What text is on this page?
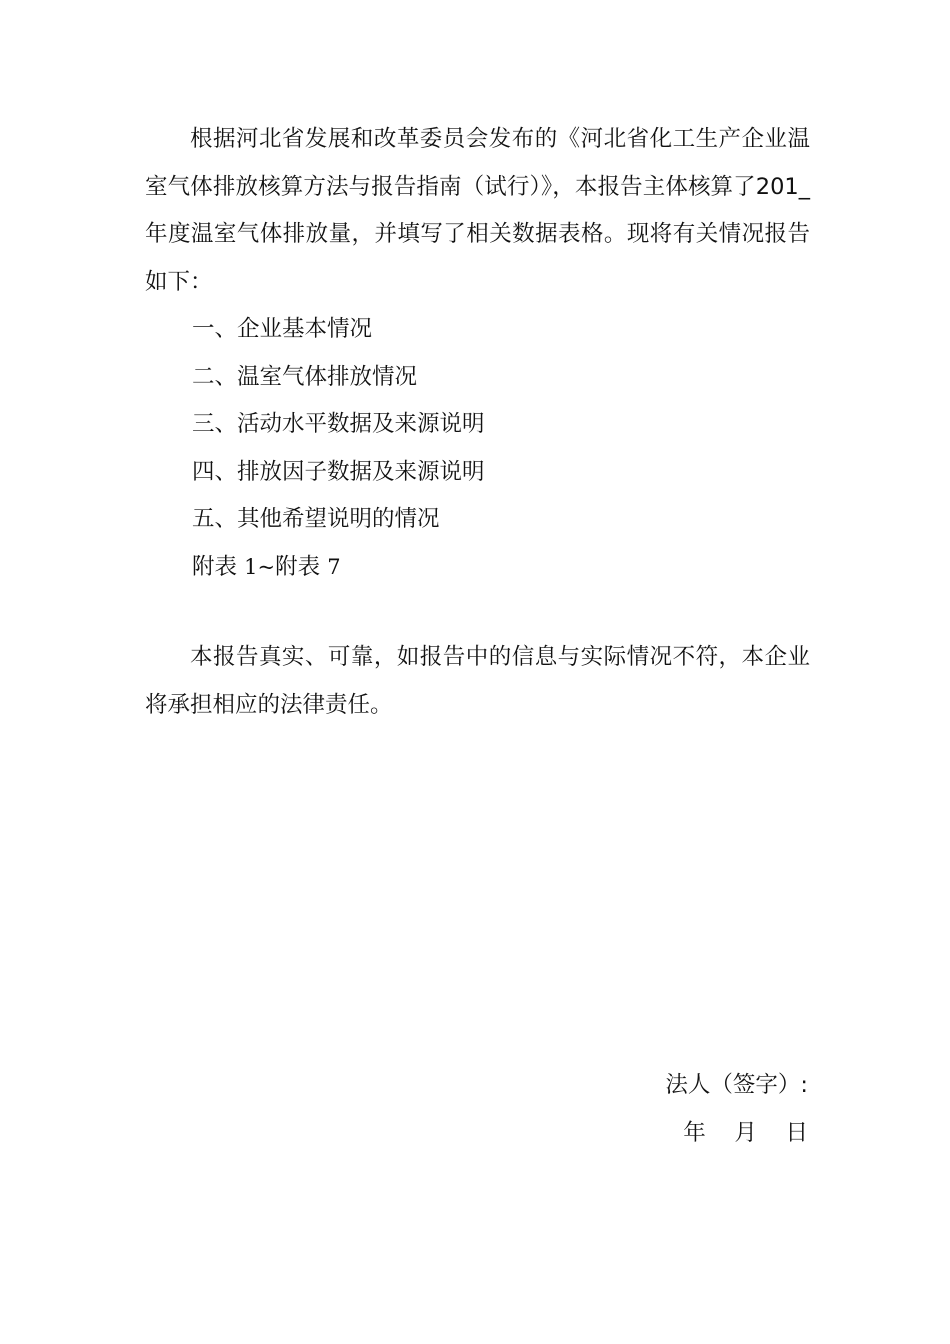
根据河北省发展和改革委员会发布的《河北省化工生产企业温室气体排放核算方法与报告指南（试行）》，本报告主体核算了201_年度温室气体排放量，并填写了相关数据表格。现将有关情况报告如下：

一、企业基本情况
二、温室气体排放情况
三、活动水平数据及来源说明
四、排放因子数据及来源说明
五、其他希望说明的情况
附表 1~附表 7

本报告真实、可靠，如报告中的信息与实际情况不符，本企业将承担相应的法律责任。

法人（签字）:
年    月    日
